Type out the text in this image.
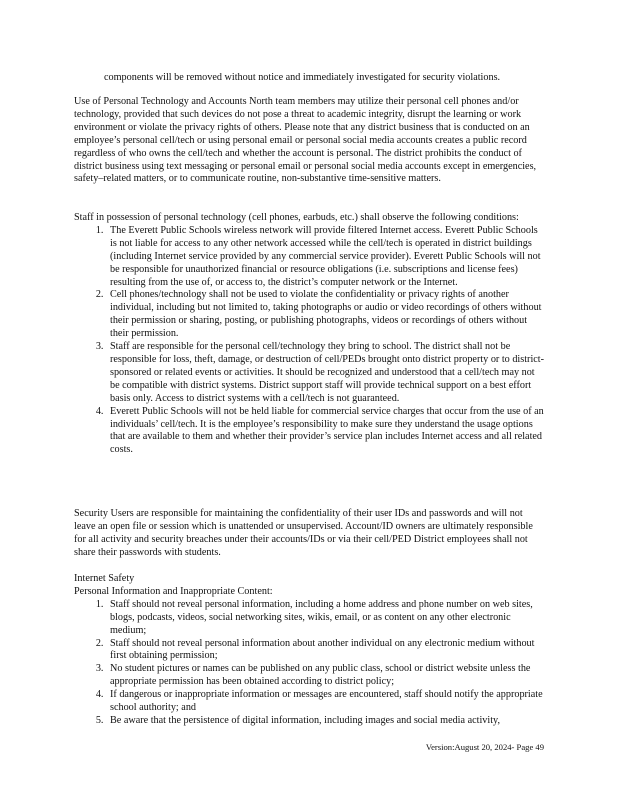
components will be removed without notice and immediately investigated for security violations.

Use of Personal Technology and Accounts North team members may utilize their personal cell phones and/or technology, provided that such devices do not pose a threat to academic integrity, disrupt the learning or work environment or violate the privacy rights of others. Please note that any district business that is conducted on an employee’s personal cell/tech or using personal email or personal social media accounts creates a public record regardless of who owns the cell/tech and whether the account is personal. The district prohibits the conduct of district business using text messaging or personal email or personal social media accounts except in emergencies, safety–related matters, or to communicate routine, non-substantive time-sensitive matters.

Staff in possession of personal technology (cell phones, earbuds, etc.) shall observe the following conditions:

1. The Everett Public Schools wireless network will provide filtered Internet access. Everett Public Schools is not liable for access to any other network accessed while the cell/tech is operated in district buildings (including Internet service provided by any commercial service provider). Everett Public Schools will not be responsible for unauthorized financial or resource obligations (i.e. subscriptions and license fees) resulting from the use of, or access to, the district’s computer network or the Internet.
2. Cell phones/technology shall not be used to violate the confidentiality or privacy rights of another individual, including but not limited to, taking photographs or audio or video recordings of others without their permission or sharing, posting, or publishing photographs, videos or recordings of others without their permission.
3. Staff are responsible for the personal cell/technology they bring to school. The district shall not be responsible for loss, theft, damage, or destruction of cell/PEDs brought onto district property or to district-sponsored or related events or activities. It should be recognized and understood that a cell/tech may not be compatible with district systems. District support staff will provide technical support on a best effort basis only. Access to district systems with a cell/tech is not guaranteed.
4. Everett Public Schools will not be held liable for commercial service charges that occur from the use of an individuals’ cell/tech. It is the employee’s responsibility to make sure they understand the usage options that are available to them and whether their provider’s service plan includes Internet access and all related costs.

Security Users are responsible for maintaining the confidentiality of their user IDs and passwords and will not leave an open file or session which is unattended or unsupervised. Account/ID owners are ultimately responsible for all activity and security breaches under their accounts/IDs or via their cell/PED District employees shall not share their passwords with students.

Internet Safety

Personal Information and Inappropriate Content:

1. Staff should not reveal personal information, including a home address and phone number on web sites, blogs, podcasts, videos, social networking sites, wikis, email, or as content on any other electronic medium;
2. Staff should not reveal personal information about another individual on any electronic medium without first obtaining permission;
3. No student pictures or names can be published on any public class, school or district website unless the appropriate permission has been obtained according to district policy;
4. If dangerous or inappropriate information or messages are encountered, staff should notify the appropriate school authority; and
5. Be aware that the persistence of digital information, including images and social media activity,
Version:August 20, 2024- Page 49
